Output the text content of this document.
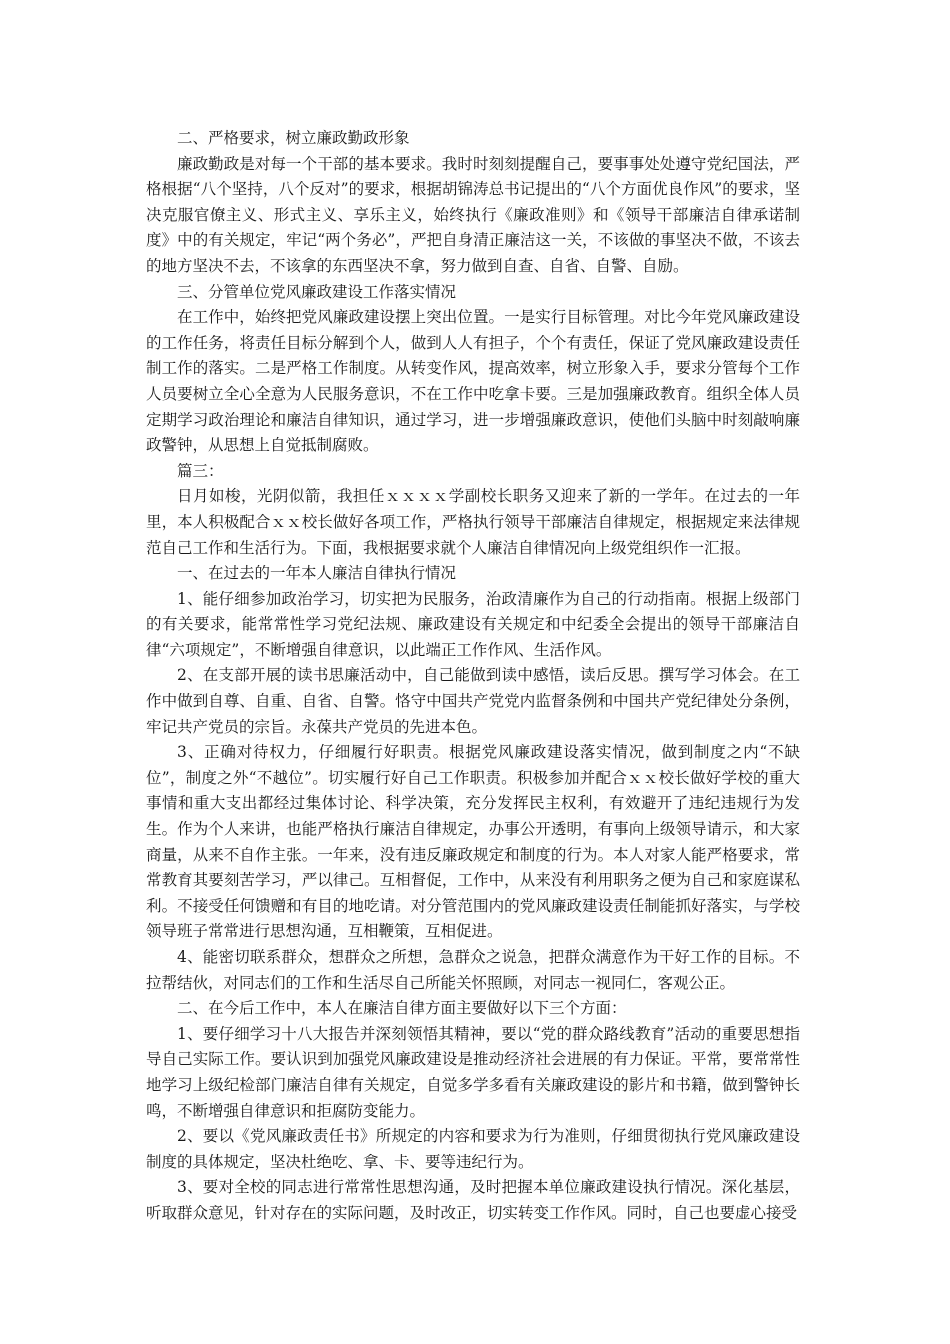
二、严格要求，树立廉政勤政形象

廉政勤政是对每一个干部的基本要求。我时时刻刻提醒自己，要事事处处遵守党纪国法，严格根据“八个坚持，八个反对”的要求，根据胡锦涛总书记提出的“八个方面优良作风”的要求，坚决克服官僚主义、形式主义、享乐主义，始终执行《廉政准则》和《领导干部廉洁自律承诺制度》中的有关规定，牢记“两个务必”，严把自身清正廉洁这一关，不该做的事坚决不做，不该去的地方坚决不去，不该拿的东西坚决不拿，努力做到自查、自省、自警、自励。

三、分管单位党风廉政建设工作落实情况

在工作中，始终把党风廉政建设摆上突出位置。一是实行目标管理。对比今年党风廉政建设的工作任务，将责任目标分解到个人，做到人人有担子，个个有责任，保证了党风廉政建设责任制工作的落实。二是严格工作制度。从转变作风，提高效率，树立形象入手，要求分管每个工作人员要树立全心全意为人民服务意识，不在工作中吃拿卡要。三是加强廉政教育。组织全体人员定期学习政治理论和廉洁自律知识，通过学习，进一步增强廉政意识，使他们头脑中时刻敲响廉政警钟，从思想上自觉抵制腐败。

篇三：

日月如梭，光阴似箭，我担任ｘｘｘｘ学副校长职务又迎来了新的一学年。在过去的一年里，本人积极配合ｘｘ校长做好各项工作，严格执行领导干部廉洁自律规定，根据规定来法律规范自己工作和生活行为。下面，我根据要求就个人廉洁自律情况向上级党组织作一汇报。

一、在过去的一年本人廉洁自律执行情况

1、能仔细参加政治学习，切实把为民服务，治政清廉作为自己的行动指南。根据上级部门的有关要求，能常常性学习党纪法规、廉政建设有关规定和中纪委全会提出的领导干部廉洁自律“六项规定”，不断增强自律意识，以此端正工作作风、生活作风。

2、在支部开展的读书思廉活动中，自己能做到读中感悟，读后反思。撰写学习体会。在工作中做到自尊、自重、自省、自警。恪守中国共产党党内监督条例和中国共产党纪律处分条例，牢记共产党员的宗旨。永葆共产党员的先进本色。

3、正确对待权力，仔细履行好职责。根据党风廉政建设落实情况，做到制度之内“不缺位”，制度之外“不越位”。切实履行好自己工作职责。积极参加并配合ｘｘ校长做好学校的重大事情和重大支出都经过集体讨论、科学决策，充分发挥民主权利，有效避开了违纪违规行为发生。作为个人来讲，也能严格执行廉洁自律规定，办事公开透明，有事向上级领导请示，和大家商量，从来不自作主张。一年来，没有违反廉政规定和制度的行为。本人对家人能严格要求，常常教育其要刻苦学习，严以律己。互相督促，工作中，从来没有利用职务之便为自己和家庭谋私利。不接受任何馈赠和有目的地吃请。对分管范围内的党风廉政建设责任制能抓好落实，与学校领导班子常常进行思想沟通，互相鞭策，互相促进。

4、能密切联系群众，想群众之所想，急群众之说急，把群众满意作为干好工作的目标。不拉帮结伙，对同志们的工作和生活尽自己所能关怀照顾，对同志一视同仁，客观公正。

二、在今后工作中，本人在廉洁自律方面主要做好以下三个方面：

1、要仔细学习十八大报告并深刻领悟其精神，要以“党的群众路线教育”活动的重要思想指导自己实际工作。要认识到加强党风廉政建设是推动经济社会进展的有力保证。平常，要常常性地学习上级纪检部门廉洁自律有关规定，自觉多学多看有关廉政建设的影片和书籍，做到警钟长鸣，不断增强自律意识和拒腐防变能力。

2、要以《党风廉政责任书》所规定的内容和要求为行为准则，仔细贯彻执行党风廉政建设制度的具体规定，坚决杜绝吃、拿、卡、要等违纪行为。

3、要对全校的同志进行常常性思想沟通，及时把握本单位廉政建设执行情况。深化基层，听取群众意见，针对存在的实际问题，及时改正，切实转变工作作风。同时，自己也要虚心接受
